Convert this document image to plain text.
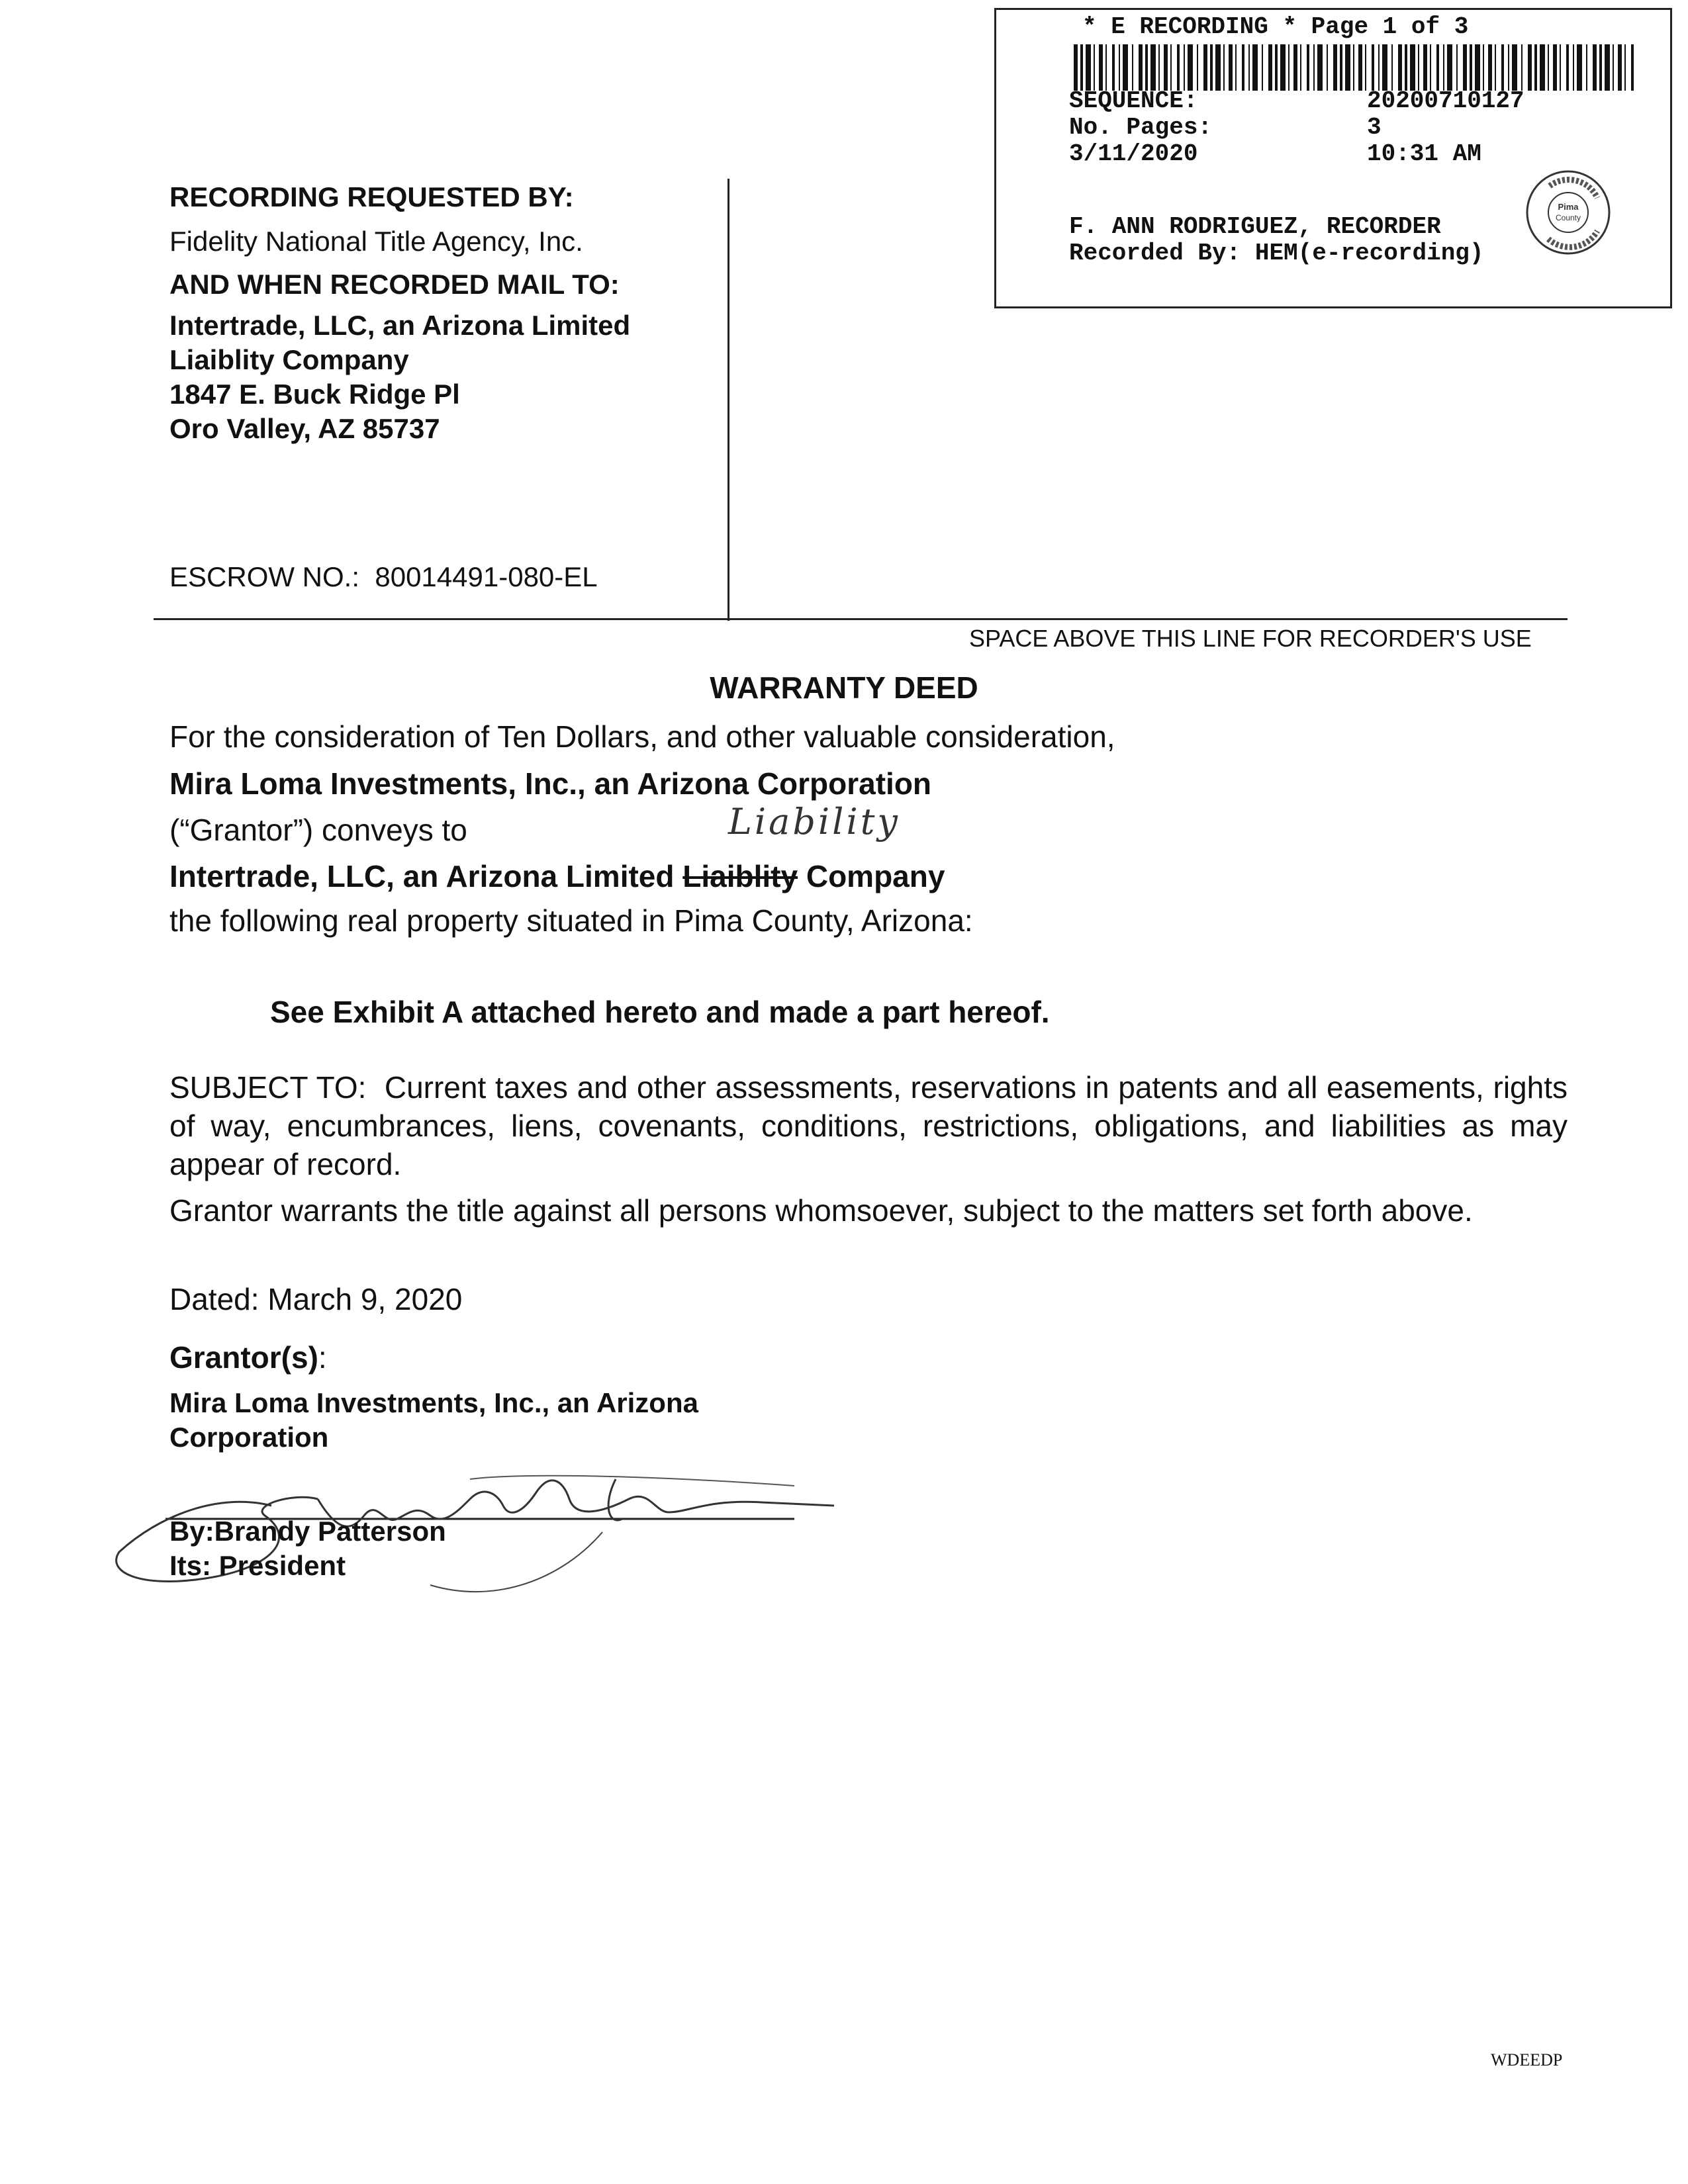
* E RECORDING * Page 1 of 3
SEQUENCE:	20200710127
No. Pages:	3
3/11/2020	10:31 AM
F. ANN RODRIGUEZ, RECORDER
Recorded By: HEM(e-recording)
Pima
County
RECORDING REQUESTED BY:
Fidelity National Title Agency, Inc.
AND WHEN RECORDED MAIL TO:
Intertrade, LLC, an Arizona Limited
Liaiblity Company
1847 E. Buck Ridge Pl
Oro Valley, AZ 85737
ESCROW NO.: 80014491-080-EL
SPACE ABOVE THIS LINE FOR RECORDER'S USE
WARRANTY DEED
For the consideration of Ten Dollars, and other valuable consideration,
Mira Loma Investments, Inc., an Arizona Corporation
(“Grantor”) conveys to	Liability
Intertrade, LLC, an Arizona Limited Liaiblity Company
the following real property situated in Pima County, Arizona:
See Exhibit A attached hereto and made a part hereof.
SUBJECT TO:  Current taxes and other assessments, reservations in patents and all easements, rights of way, encumbrances, liens, covenants, conditions, restrictions, obligations, and liabilities as may appear of record.
Grantor warrants the title against all persons whomsoever, subject to the matters set forth above.
Dated: March 9, 2020
Grantor(s):
Mira Loma Investments, Inc., an Arizona
Corporation
By:Brandy Patterson
Its: President
WDEEDP
